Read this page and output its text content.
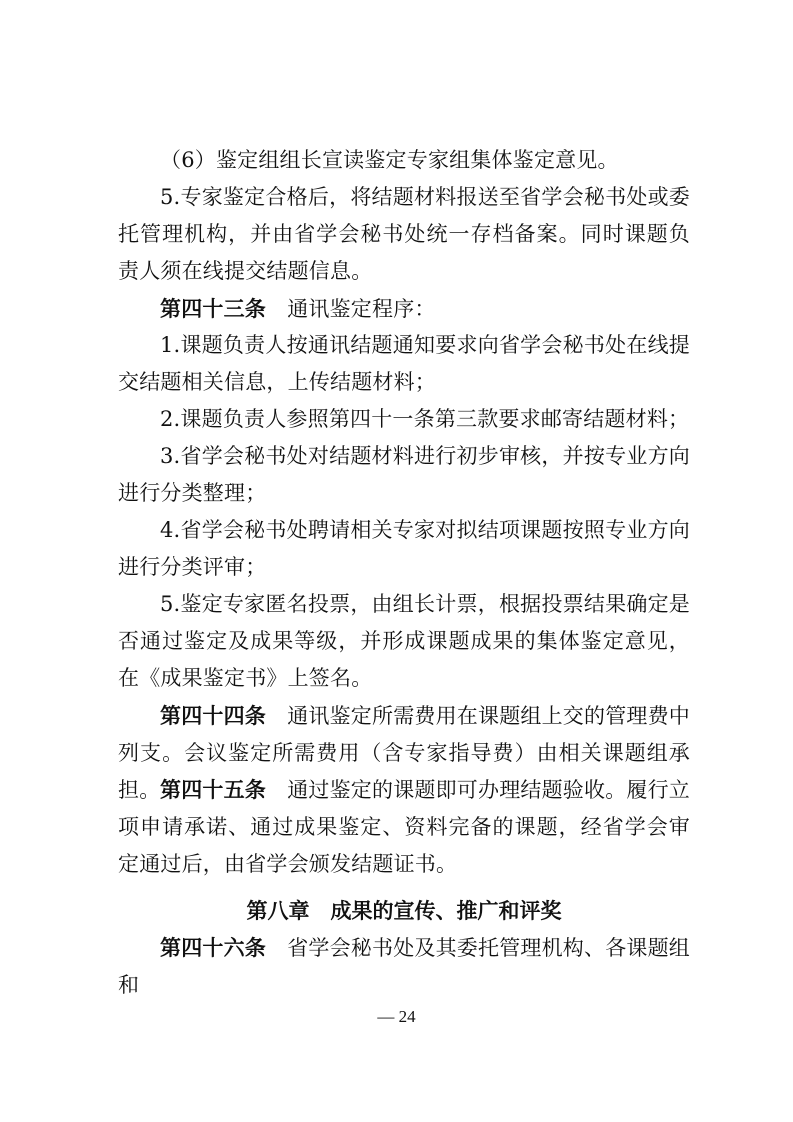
（6）鉴定组组长宣读鉴定专家组集体鉴定意见。

5.专家鉴定合格后，将结题材料报送至省学会秘书处或委托管理机构，并由省学会秘书处统一存档备案。同时课题负责人须在线提交结题信息。

第四十三条　通讯鉴定程序：

1.课题负责人按通讯结题通知要求向省学会秘书处在线提交结题相关信息，上传结题材料；

2.课题负责人参照第四十一条第三款要求邮寄结题材料；

3.省学会秘书处对结题材料进行初步审核，并按专业方向进行分类整理；

4.省学会秘书处聘请相关专家对拟结项课题按照专业方向进行分类评审；

5.鉴定专家匿名投票，由组长计票，根据投票结果确定是否通过鉴定及成果等级，并形成课题成果的集体鉴定意见，在《成果鉴定书》上签名。

第四十四条　通讯鉴定所需费用在课题组上交的管理费中列支。会议鉴定所需费用（含专家指导费）由相关课题组承担。 第四十五条　通过鉴定的课题即可办理结题验收。履行立项申请承诺、通过成果鉴定、资料完备的课题，经省学会审定通过后，由省学会颁发结题证书。

第八章　成果的宣传、推广和评奖

第四十六条　省学会秘书处及其委托管理机构、各课题组和

— 24
